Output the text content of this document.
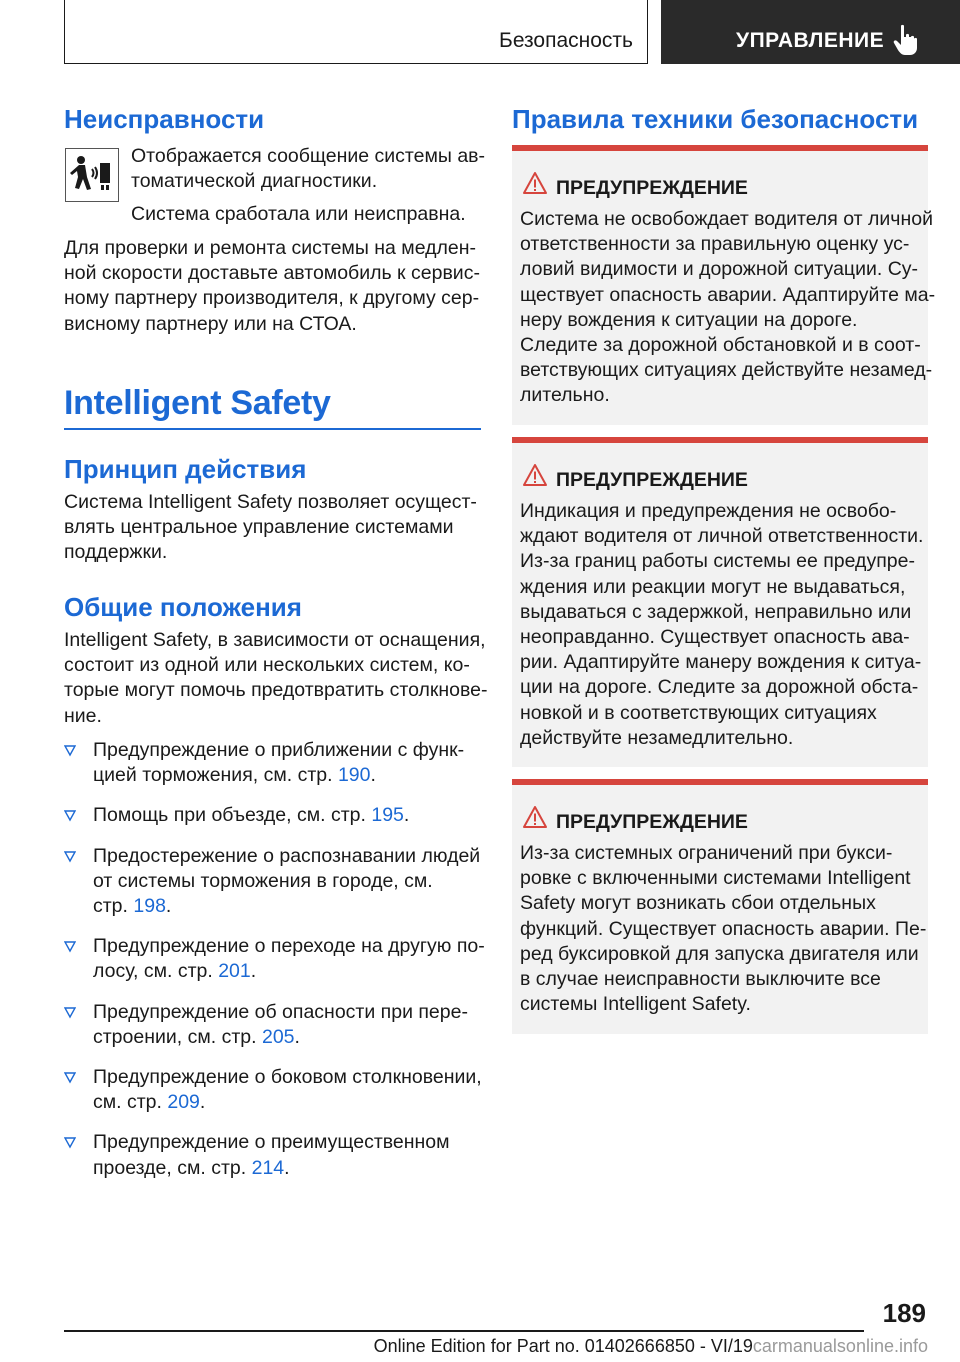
Безопасность	УПРАВЛЕНИЕ
Неисправности

Отображается сообщение системы ав-
томатической диагностики.

Система сработала или неисправна.

Для проверки и ремонта системы на медлен-
ной скорости доставьте автомобиль к сервис-
ному партнеру производителя, к другому сер-
висному партнеру или на СТОА.

Intelligent Safety
Принцип действия

Система Intelligent Safety позволяет осущест-
влять центральное управление системами
поддержки.

Общие положения

Intelligent Safety, в зависимости от оснащения,
состоит из одной или нескольких систем, ко-
торые могут помочь предотвратить столкнове-
ние.

Предупреждение о приближении с функ-
цией торможения, см. стр. 190.
Помощь при объезде, см. стр. 195.
Предостережение о распознавании людей
от системы торможения в городе, см.
стр. 198.
Предупреждение о переходе на другую по-
лосу, см. стр. 201.
Предупреждение об опасности при пере-
строении, см. стр. 205.
Предупреждение о боковом столкновении,
см. стр. 209.
Предупреждение о преимущественном
проезде, см. стр. 214.
Правила техники безопасности
ПРЕДУПРЕЖДЕНИЕ
Система не освобождает водителя от личной
ответственности за правильную оценку ус-
ловий видимости и дорожной ситуации. Су-
ществует опасность аварии. Адаптируйте ма-
неру вождения к ситуации на дороге.
Следите за дорожной обстановкой и в соот-
ветствующих ситуациях действуйте незамед-
лительно.
ПРЕДУПРЕЖДЕНИЕ
Индикация и предупреждения не освобо-
ждают водителя от личной ответственности.
Из-за границ работы системы ее предупре-
ждения или реакции могут не выдаваться,
выдаваться с задержкой, неправильно или
неоправданно. Существует опасность ава-
рии. Адаптируйте манеру вождения к ситуа-
ции на дороге. Следите за дорожной обста-
новкой и в соответствующих ситуациях
действуйте незамедлительно.
ПРЕДУПРЕЖДЕНИЕ
Из-за системных ограничений при букси-
ровке с включенными системами Intelligent
Safety могут возникать сбои отдельных
функций. Существует опасность аварии. Пе-
ред буксировкой для запуска двигателя или
в случае неисправности выключите все
системы Intelligent Safety.
189
Online Edition for Part no. 01402666850 - VI/19carmanualsonline.info
